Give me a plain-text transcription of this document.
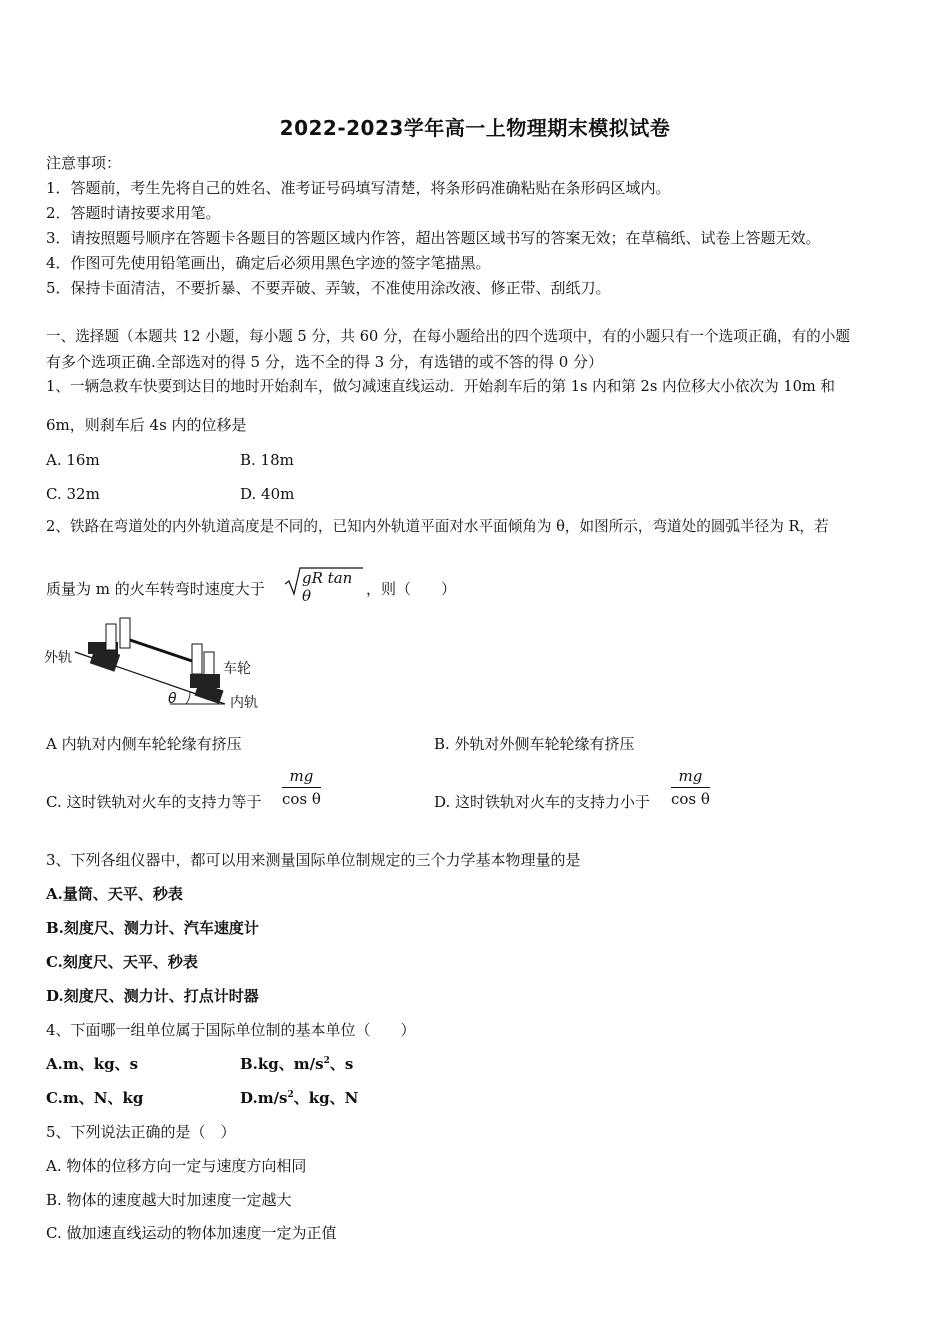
2022-2023学年高一上物理期末模拟试卷
注意事项：
1．答题前，考生先将自己的姓名、准考证号码填写清楚，将条形码准确粘贴在条形码区域内。
2．答题时请按要求用笔。
3．请按照题号顺序在答题卡各题目的答题区域内作答，超出答题区域书写的答案无效；在草稿纸、试卷上答题无效。
4．作图可先使用铅笔画出，确定后必须用黑色字迹的签字笔描黑。
5．保持卡面清洁，不要折暴、不要弄破、弄皱，不准使用涂改液、修正带、刮纸刀。
一、选择题（本题共 12 小题，每小题 5 分，共 60 分，在每小题给出的四个选项中，有的小题只有一个选项正确，有的小题
有多个选项正确.全部选对的得 5 分，选不全的得 3 分，有选错的或不答的得 0 分）
1、一辆急救车快要到达目的地时开始刹车，做匀减速直线运动．开始刹车后的第 1s 内和第 2s 内位移大小依次为 10m 和
6m，则刹车后 4s 内的位移是
A. 16m	B. 18m
C. 32m	D. 40m
2、铁路在弯道处的内外轨道高度是不同的，已知内外轨道平面对水平面倾角为 θ，如图所示，弯道处的圆弧半径为 R，若
质量为 m 的火车转弯时速度大于
gR tan θ	，则（　　）
外轨
车轮
内轨
θ
A 内轨对内侧车轮轮缘有挤压	B. 外轨对外侧车轮轮缘有挤压
C. 这时铁轨对火车的支持力等于
mg
cos θ	D. 这时铁轨对火车的支持力小于
mg
cos θ
3、下列各组仪器中，都可以用来测量国际单位制规定的三个力学基本物理量的是
A.量筒、天平、秒表
B.刻度尺、测力计、汽车速度计
C.刻度尺、天平、秒表
D.刻度尺、测力计、打点计时器
4、下面哪一组单位属于国际单位制的基本单位（　　）
A.m、kg、s	B.kg、$m/s^2$、s
C.m、N、kg	$D.m/s^2$、kg、N
5、下列说法正确的是（　）
A. 物体的位移方向一定与速度方向相同
B. 物体的速度越大时加速度一定越大
C. 做加速直线运动的物体加速度一定为正值
